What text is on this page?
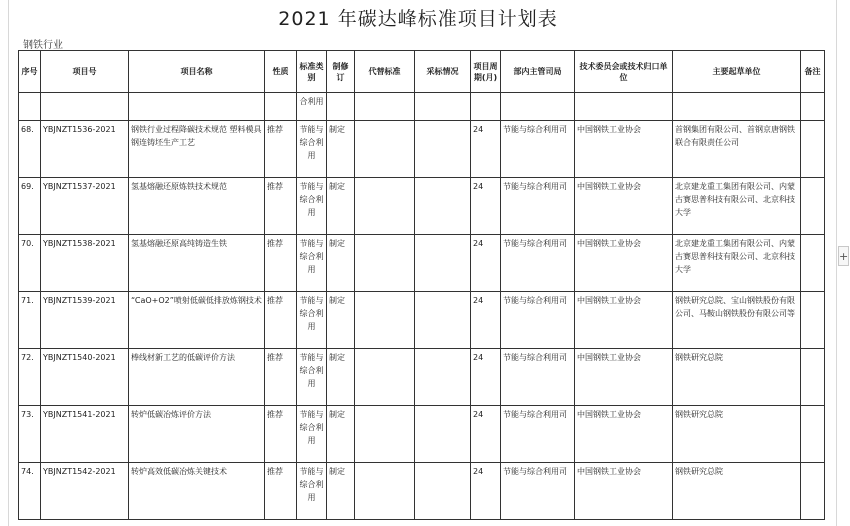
+
2021 年碳达峰标准项目计划表
钢铁行业
序号	项目号	项目名称	性质	标准类别	制修订	代替标准	采标情况	项目周期(月)	部内主管司局	技术委员会或技术归口单位	主要起草单位	备注
				合利用								
68.	YBJNZT1536-2021	钢铁行业过程降碳技术规范 塑料模具钢连铸坯生产工艺	推荐	节能与综合利用	制定			24	节能与综合利用司	中国钢铁工业协会	首钢集团有限公司、首钢京唐钢铁联合有限责任公司	
69.	YBJNZT1537-2021	氢基熔融还原炼铁技术规范	推荐	节能与综合利用	制定			24	节能与综合利用司	中国钢铁工业协会	北京建龙重工集团有限公司、内蒙古赛思普科技有限公司、北京科技大学	
70.	YBJNZT1538-2021	氢基熔融还原高纯铸造生铁	推荐	节能与综合利用	制定			24	节能与综合利用司	中国钢铁工业协会	北京建龙重工集团有限公司、内蒙古赛思普科技有限公司、北京科技大学	
71.	YBJNZT1539-2021	“CaO+O2”喷射低碳低排放炼钢技术	推荐	节能与综合利用	制定			24	节能与综合利用司	中国钢铁工业协会	钢铁研究总院、宝山钢铁股份有限公司、马鞍山钢铁股份有限公司等	
72.	YBJNZT1540-2021	棒线材新工艺的低碳评价方法	推荐	节能与综合利用	制定			24	节能与综合利用司	中国钢铁工业协会	钢铁研究总院	
73.	YBJNZT1541-2021	转炉低碳冶炼评价方法	推荐	节能与综合利用	制定			24	节能与综合利用司	中国钢铁工业协会	钢铁研究总院	
74.	YBJNZT1542-2021	转炉高效低碳冶炼关键技术	推荐	节能与综合利用	制定			24	节能与综合利用司	中国钢铁工业协会	钢铁研究总院	
